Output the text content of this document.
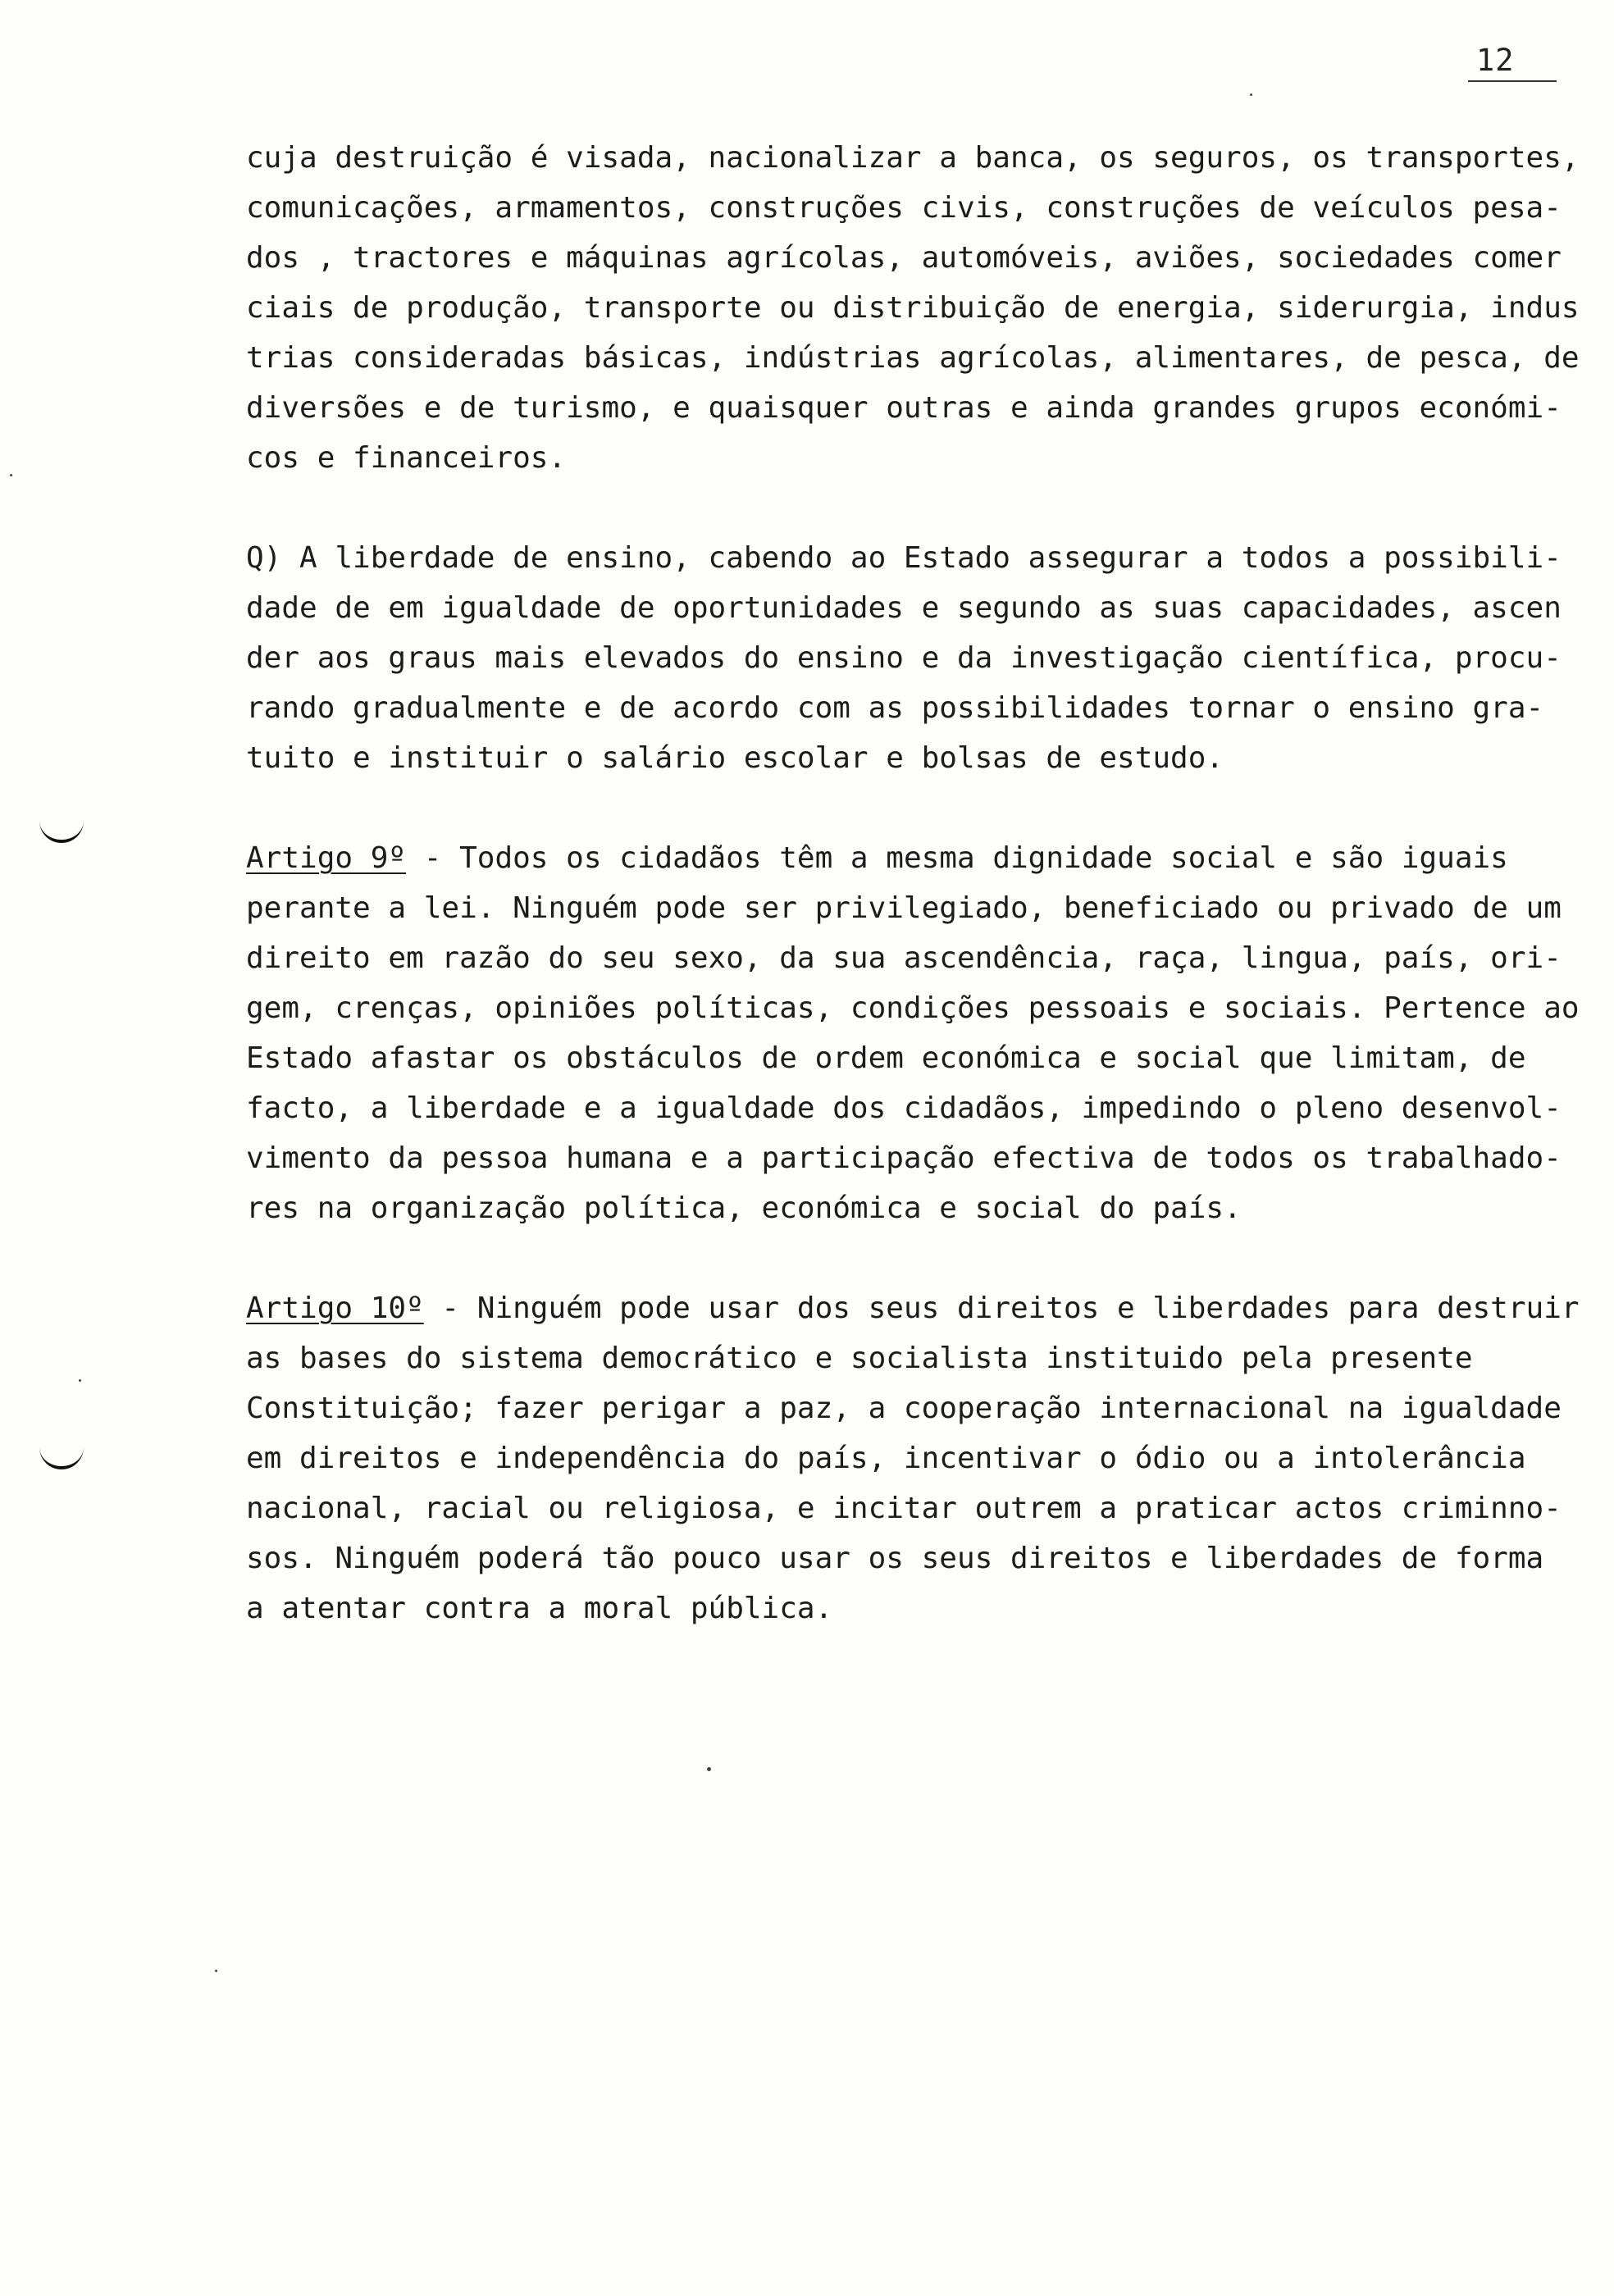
12

cuja destruição é visada, nacionalizar a banca, os seguros, os transportes,

comunicações, armamentos, construções civis, construções de veículos pesa-

dos , tractores e máquinas agrícolas, automóveis, aviões, sociedades comer

ciais de produção, transporte ou distribuição de energia, siderurgia, indus

trias consideradas básicas, indústrias agrícolas, alimentares, de pesca, de

diversões e de turismo, e quaisquer outras e ainda grandes grupos económi-

cos e financeiros.

Q) A liberdade de ensino, cabendo ao Estado assegurar a todos a possibili-

dade de em igualdade de oportunidades e segundo as suas capacidades, ascen

der aos graus mais elevados do ensino e da investigação científica, procu-

rando gradualmente e de acordo com as possibilidades tornar o ensino gra-

tuito e instituir o salário escolar e bolsas de estudo.

Artigo 9º - Todos os cidadãos têm a mesma dignidade social e são iguais

perante a lei. Ninguém pode ser privilegiado, beneficiado ou privado de um

direito em razão do seu sexo, da sua ascendência, raça, lingua, país, ori-

gem, crenças, opiniões políticas, condições pessoais e sociais. Pertence ao

Estado afastar os obstáculos de ordem económica e social que limitam, de

facto, a liberdade e a igualdade dos cidadãos, impedindo o pleno desenvol-

vimento da pessoa humana e a participação efectiva de todos os trabalhado-

res na organização política, económica e social do país.

Artigo 10º - Ninguém pode usar dos seus direitos e liberdades para destruir

as bases do sistema democrático e socialista instituido pela presente

Constituição; fazer perigar a paz, a cooperação internacional na igualdade

em direitos e independência do país, incentivar o ódio ou a intolerância

nacional, racial ou religiosa, e incitar outrem a praticar actos criminno-

sos. Ninguém poderá tão pouco usar os seus direitos e liberdades de forma

a atentar contra a moral pública.
